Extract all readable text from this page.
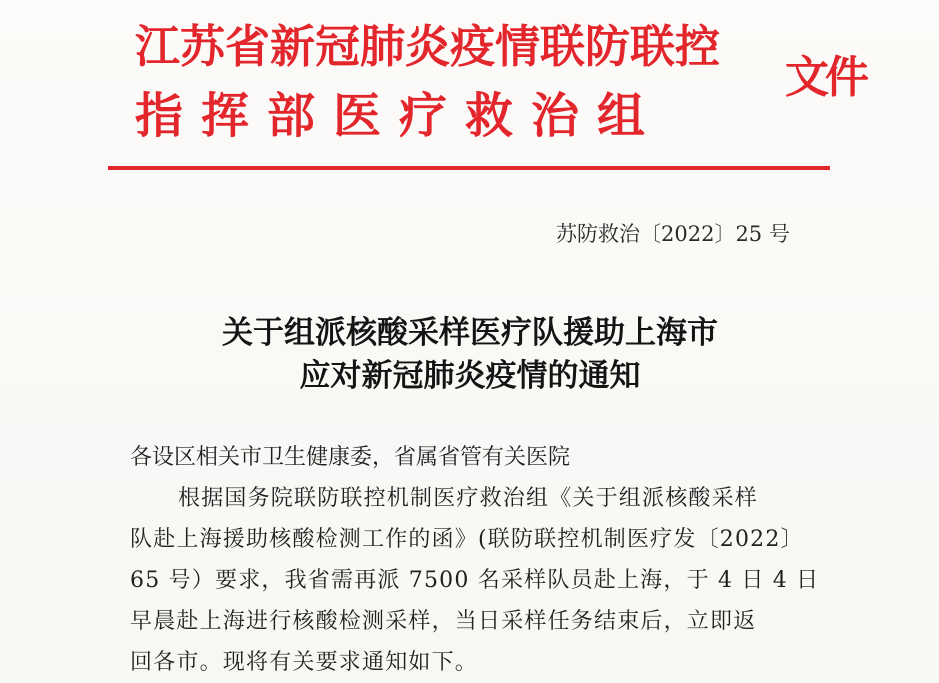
江苏省新冠肺炎疫情联防联控
指挥部医疗救治组
文件
苏防救治〔2022〕25 号
关于组派核酸采样医疗队援助上海市
应对新冠肺炎疫情的通知
各设区相关市卫生健康委，省属省管有关医院
根据国务院联防联控机制医疗救治组《关于组派核酸采样
队赴上海援助核酸检测工作的函》(联防联控机制医疗发〔2022〕
65 号）要求，我省需再派 7500 名采样队员赴上海，于 4 日 4 日
早晨赴上海进行核酸检测采样，当日采样任务结束后，立即返
回各市。现将有关要求通知如下。
